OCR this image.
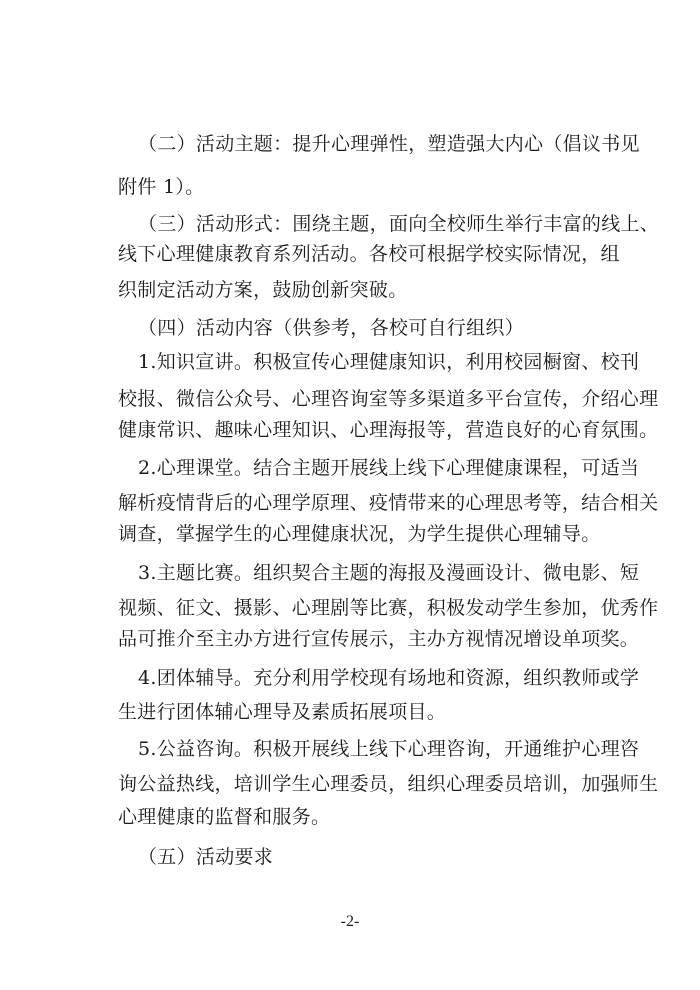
（二）活动主题：提升心理弹性，塑造强大内心（倡议书见
附件 1）。
（三）活动形式：围绕主题，面向全校师生举行丰富的线上、
线下心理健康教育系列活动。各校可根据学校实际情况，组
织制定活动方案，鼓励创新突破。
（四）活动内容（供参考，各校可自行组织）
1.知识宣讲。积极宣传心理健康知识，利用校园橱窗、校刊
校报、微信公众号、心理咨询室等多渠道多平台宣传，介绍心理
健康常识、趣味心理知识、心理海报等，营造良好的心育氛围。
2.心理课堂。结合主题开展线上线下心理健康课程，可适当
解析疫情背后的心理学原理、疫情带来的心理思考等，结合相关
调查，掌握学生的心理健康状况，为学生提供心理辅导。
3.主题比赛。组织契合主题的海报及漫画设计、微电影、短
视频、征文、摄影、心理剧等比赛，积极发动学生参加，优秀作
品可推介至主办方进行宣传展示，主办方视情况增设单项奖。
4.团体辅导。充分利用学校现有场地和资源，组织教师或学
生进行团体辅心理导及素质拓展项目。
5.公益咨询。积极开展线上线下心理咨询，开通维护心理咨
询公益热线，培训学生心理委员，组织心理委员培训，加强师生
心理健康的监督和服务。
（五）活动要求
-2-
